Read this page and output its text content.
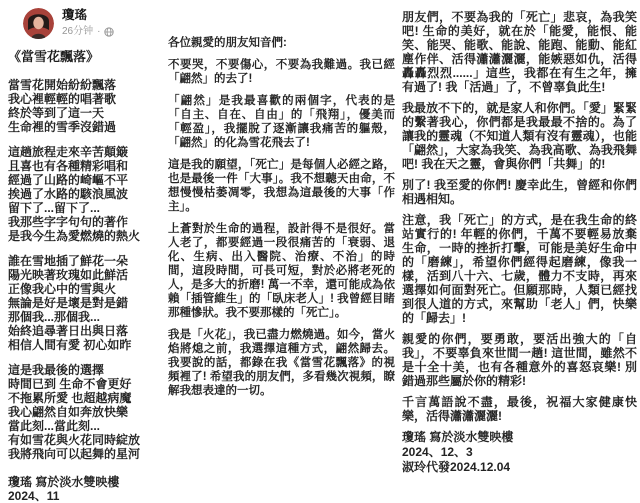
瓊瑤
26分钟 ·
《當雪花飄落》
當雪花開始紛紛飄落
我心裡輕輕的唱著歌
終於等到了這一天
生命裡的雪季沒錯過
這趟旅程走來辛苦顛簸
且喜也有各種精彩唱和
經過了山路的崎嶇不平
挨過了水路的駭浪風波
留下了...留下了...
我那些字字句句的著作
是我今生為愛燃燒的熱火
誰在雪地插了鮮花一朵
陽光映著玫瑰如此鮮活
正像我心中的雪與火
無論是好是壞是對是錯
那個我...那個我...
始終追尋著日出與日落
相信人間有愛 初心如昨
這是我最後的選擇
時間已到 生命不會更好
不拖累所愛 也超越病魔
我心翩然自如奔放快樂
當此刻...當此刻...
有如雪花與火花同時綻放
我將飛向可以起舞的星河
瓊瑤 寫於淡水雙映樓
2024、11

各位親愛的朋友知音們:

不要哭，不要傷心，不要為我難過。我已經「翩然」的去了!

「翩然」是我最喜歡的兩個字，代表的是「自主、自在、自由」的「飛翔」，優美而「輕盈」，我擺脫了逐漸讓我痛苦的軀殼，「翩然」的化為雪花飛去了!

這是我的願望，「死亡」是每個人必經之路，也是最後一件「大事」。我不想聽天由命，不想慢慢枯萎凋零，我想為這最後的大事「作主」。

上蒼對於生命的過程，設計得不是很好。當人老了，都要經過一段很痛苦的「衰弱、退化、生病、出入醫院、治療、不治」的時間，這段時間，可長可短，對於必將老死的人，是多大的折磨! 萬一不幸，還可能成為依賴「插管維生」的「臥床老人」! 我曾經目睹那種慘狀。我不要那樣的「死亡」。

我是「火花」，我已盡力燃燒過。如今，當火焰將熄之前，我選擇這種方式，翩然歸去。我要說的話，都錄在我《當雪花飄落》的視頻裡了! 希望我的朋友們，多看幾次視頻，瞭解我想表達的一切。

朋友們，不要為我的「死亡」悲哀，為我笑吧! 生命的美好，就在於「能愛，能恨、能笑、能哭、能歌、能說、能跑、能動、能紅塵作伴、活得瀟瀟灑灑，能嫉惡如仇，活得轟轟烈烈......」這些，我都在有生之年，擁有過了! 我「活過」了，不曾辜負此生!

我最放不下的，就是家人和你們。「愛」緊緊的繫著我心，你們都是我最最不捨的。為了讓我的靈魂（不知道人類有沒有靈魂），也能「翩然」，大家為我笑、為我高歌、為我飛舞吧! 我在天之靈，會與你們「共舞」的!

別了! 我至愛的你們! 慶幸此生，曾經和你們相遇相知。

注意，我「死亡」的方式，是在我生命的終站實行的! 年輕的你們，千萬不要輕易放棄生命，一時的挫折打擊，可能是美好生命中的「磨練」，希望你們經得起磨練，像我一樣，活到八十六、七歲，體力不支時，再來選擇如何面對死亡。但願那時，人類已經找到很人道的方式，來幫助「老人」們，快樂的「歸去」!

親愛的你們，要勇敢，要活出強大的「自我」，不要辜負來世間一趟! 這世間，雖然不是十全十美，也有各種意外的喜怒哀樂! 別錯過那些屬於你的精彩!

千言萬語說不盡，最後，祝福大家健康快樂，活得瀟瀟灑灑!

瓊瑤 寫於淡水雙映樓
2024、12、3
淑玲代發2024.12.04
